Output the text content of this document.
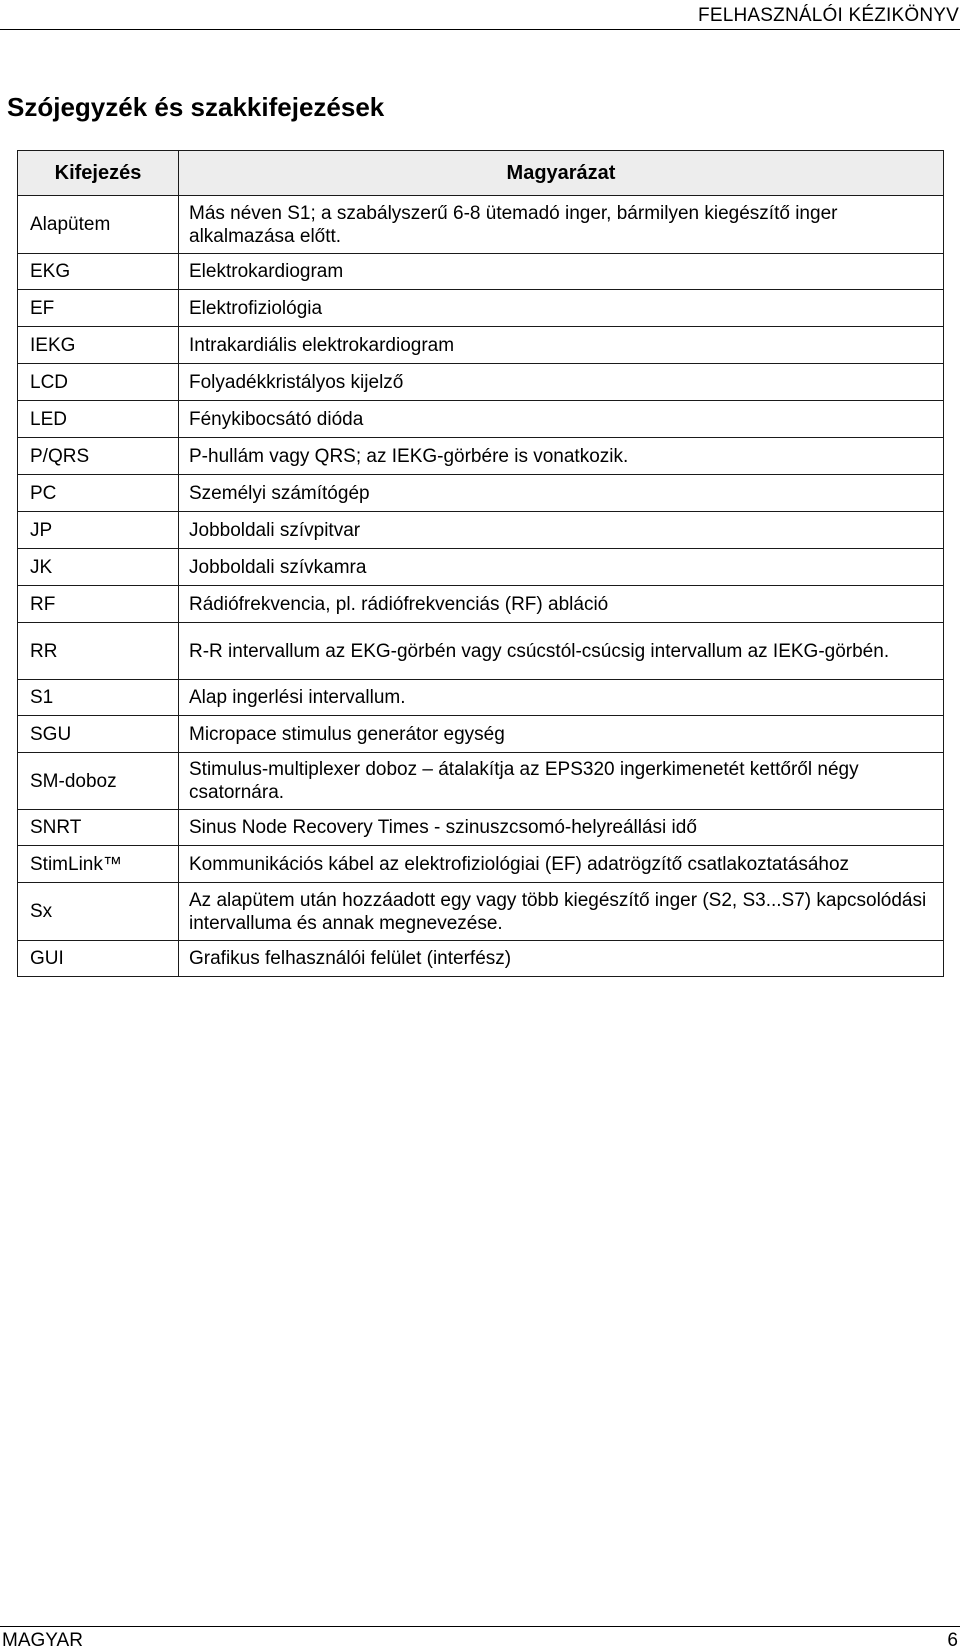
FELHASZNÁLÓI KÉZIKÖNYV
Szójegyzék és szakkifejezések
Kifejezés	Magyarázat
Alapütem	Más néven S1; a szabályszerű 6-8 ütemadó inger, bármilyen kiegészítő inger alkalmazása előtt.
EKG	Elektrokardiogram
EF	Elektrofiziológia
IEKG	Intrakardiális elektrokardiogram
LCD	Folyadékkristályos kijelző
LED	Fénykibocsátó dióda
P/QRS	P-hullám vagy QRS; az IEKG-görbére is vonatkozik.
PC	Személyi számítógép
JP	Jobboldali szívpitvar
JK	Jobboldali szívkamra
RF	Rádiófrekvencia, pl. rádiófrekvenciás (RF) abláció
RR	R-R intervallum az EKG-görbén vagy csúcstól-csúcsig intervallum az IEKG-görbén.
S1	Alap ingerlési intervallum.
SGU	Micropace stimulus generátor egység
SM-doboz	Stimulus-multiplexer doboz – átalakítja az EPS320 ingerkimenetét kettőről négy csatornára.
SNRT	Sinus Node Recovery Times - szinuszcsomó-helyreállási idő
StimLink™	Kommunikációs kábel az elektrofiziológiai (EF) adatrögzítő csatlakoztatásához
Sx	Az alapütem után hozzáadott egy vagy több kiegészítő inger (S2, S3...S7) kapcsolódási intervalluma és annak megnevezése.
GUI	Grafikus felhasználói felület (interfész)
MAGYAR	6
